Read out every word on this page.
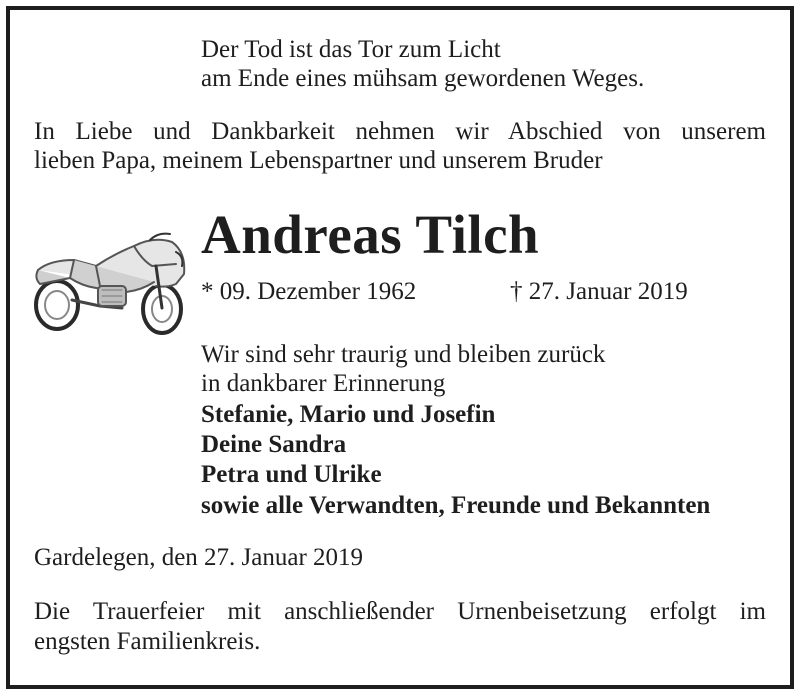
Der Tod ist das Tor zum Licht
am Ende eines mühsam gewordenen Weges.
In Liebe und Dankbarkeit nehmen wir Abschied von unserem
lieben Papa, meinem Lebenspartner und unserem Bruder
Andreas Tilch
* 09. Dezember 1962	† 27. Januar 2019
Wir sind sehr traurig und bleiben zurück
in dankbarer Erinnerung
Stefanie, Mario und Josefin
Deine Sandra
Petra und Ulrike
sowie alle Verwandten, Freunde und Bekannten
Gardelegen, den 27. Januar 2019
Die Trauerfeier mit anschließender Urnenbeisetzung erfolgt im
engsten Familienkreis.
